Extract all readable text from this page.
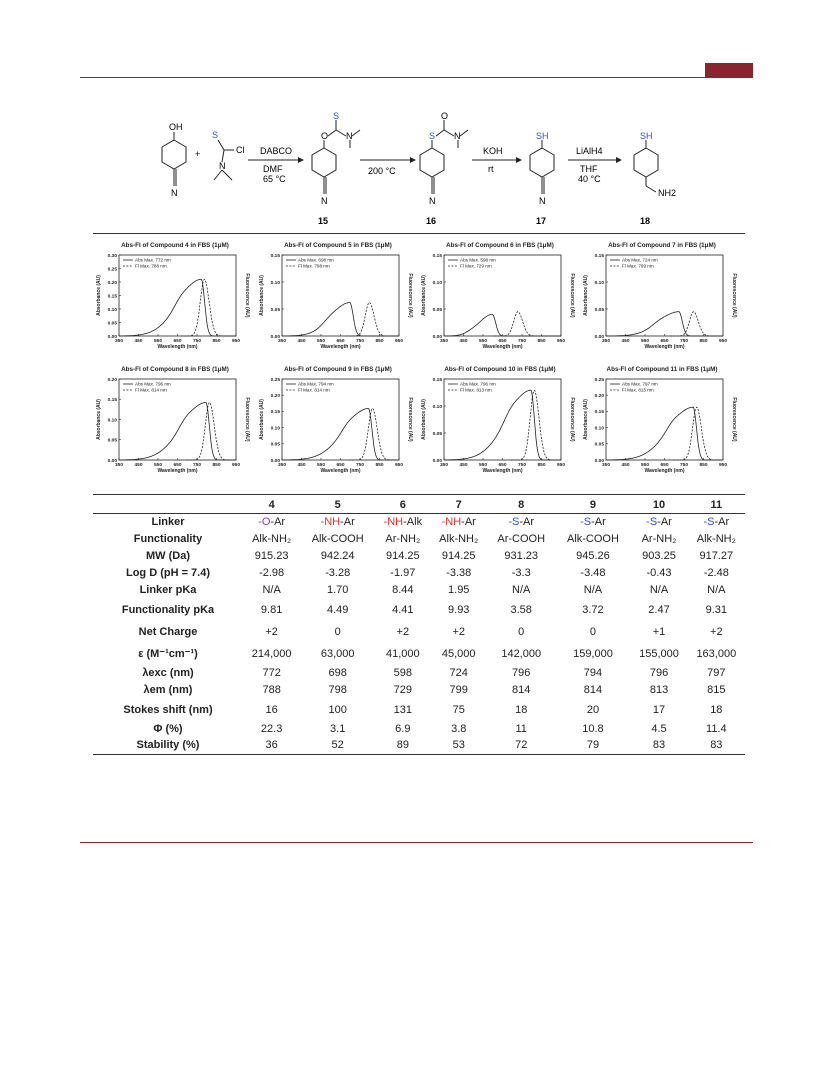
OH
N
+
S
Cl
N
DABCO
DMF
65 °C
O
S
N
N
200 °C
S
O
N
N
KOH
rt
SH
N
LiAlH4
THF
40 °C
SH
NH2
15	16	17	18
Abs-Fl of Compound 4 in FBS (1μM)
0.30
0.25
0.20
0.15
0.10
0.05
0.00
350 450 550 650 750 850 950
Wavelength (nm)
Absorbance (AU)	Fluorescence (AU)
Abs Max. 772 nm
Fl Max. 788 nm
Abs-Fl of Compound 5 in FBS (1μM)
0.15
0.10
0.05
0.00
350 450 550 650 750 850 950
Wavelength (nm)
Absorbance (AU)	Fluorescence (AU)
Abs Max. 698 nm
Fl Max. 798 nm
Abs-Fl of Compound 6 in FBS (1μM)
0.15
0.10
0.05
0.00
350 450 550 650 750 850 950
Wavelength (nm)
Absorbance (AU)	Fluorescence (AU)
Abs Max. 598 nm
Fl Max. 729 nm
Abs-Fl of Compound 7 in FBS (1μM)
0.15
0.10
0.05
0.00
350 450 550 650 750 850 950
Wavelength (nm)
Absorbance (AU)	Fluorescence (AU)
Abs Max. 724 nm
Fl Max. 799 nm
Abs-Fl of Compound 8 in FBS (1μM)
0.20
0.15
0.10
0.05
0.00
350 450 550 650 750 850 950
Wavelength (nm)
Absorbance (AU)	Fluorescence (AU)
Abs Max. 796 nm
Fl Max. 814 nm
Abs-Fl of Compound 9 in FBS (1μM)
0.25
0.20
0.15
0.10
0.05
0.00
350 450 550 650 750 850 950
Wavelength (nm)
Absorbance (AU)	Fluorescence (AU)
Abs Max. 794 nm
Fl Max. 814 nm
Abs-Fl of Compound 10 in FBS (1μM)
0.15
0.10
0.05
0.00
350 450 550 650 750 850 950
Wavelength (nm)
Absorbance (AU)	Fluorescence (AU)
Abs Max. 796 nm
Fl Max. 813 nm
Abs-Fl of Compound 11 in FBS (1μM)
0.25
0.20
0.15
0.10
0.05
0.00
350 450 550 650 750 850 950
Wavelength (nm)
Absorbance (AU)	Fluorescence (AU)
Abs Max. 797 nm
Fl Max. 815 nm
	4	5	6	7	8	9	10	11
Linker	-O-Ar	-NH-Ar	-NH-Alk	-NH-Ar	-S-Ar	-S-Ar	-S-Ar	-S-Ar
Functionality	Alk-NH₂	Alk-COOH	Ar-NH₂	Alk-NH₂	Ar-COOH	Alk-COOH	Ar-NH₂	Alk-NH₂
MW (Da)	915.23	942.24	914.25	914.25	931.23	945.26	903.25	917.27
Log D (pH = 7.4)	-2.98	-3.28	-1.97	-3.38	-3.3	-3.48	-0.43	-2.48
Linker pKa	N/A	1.70	8.44	1.95	N/A	N/A	N/A	N/A
Functionality pKa	9.81	4.49	4.41	9.93	3.58	3.72	2.47	9.31
Net Charge	+2	0	+2	+2	0	0	+1	+2
ε (M⁻¹cm⁻¹)	214,000	63,000	41,000	45,000	142,000	159,000	155,000	163,000
λexc (nm)	772	698	598	724	796	794	796	797
λem (nm)	788	798	729	799	814	814	813	815
Stokes shift (nm)	16	100	131	75	18	20	17	18
Φ (%)	22.3	3.1	6.9	3.8	11	10.8	4.5	11.4
Stability (%)	36	52	89	53	72	79	83	83
